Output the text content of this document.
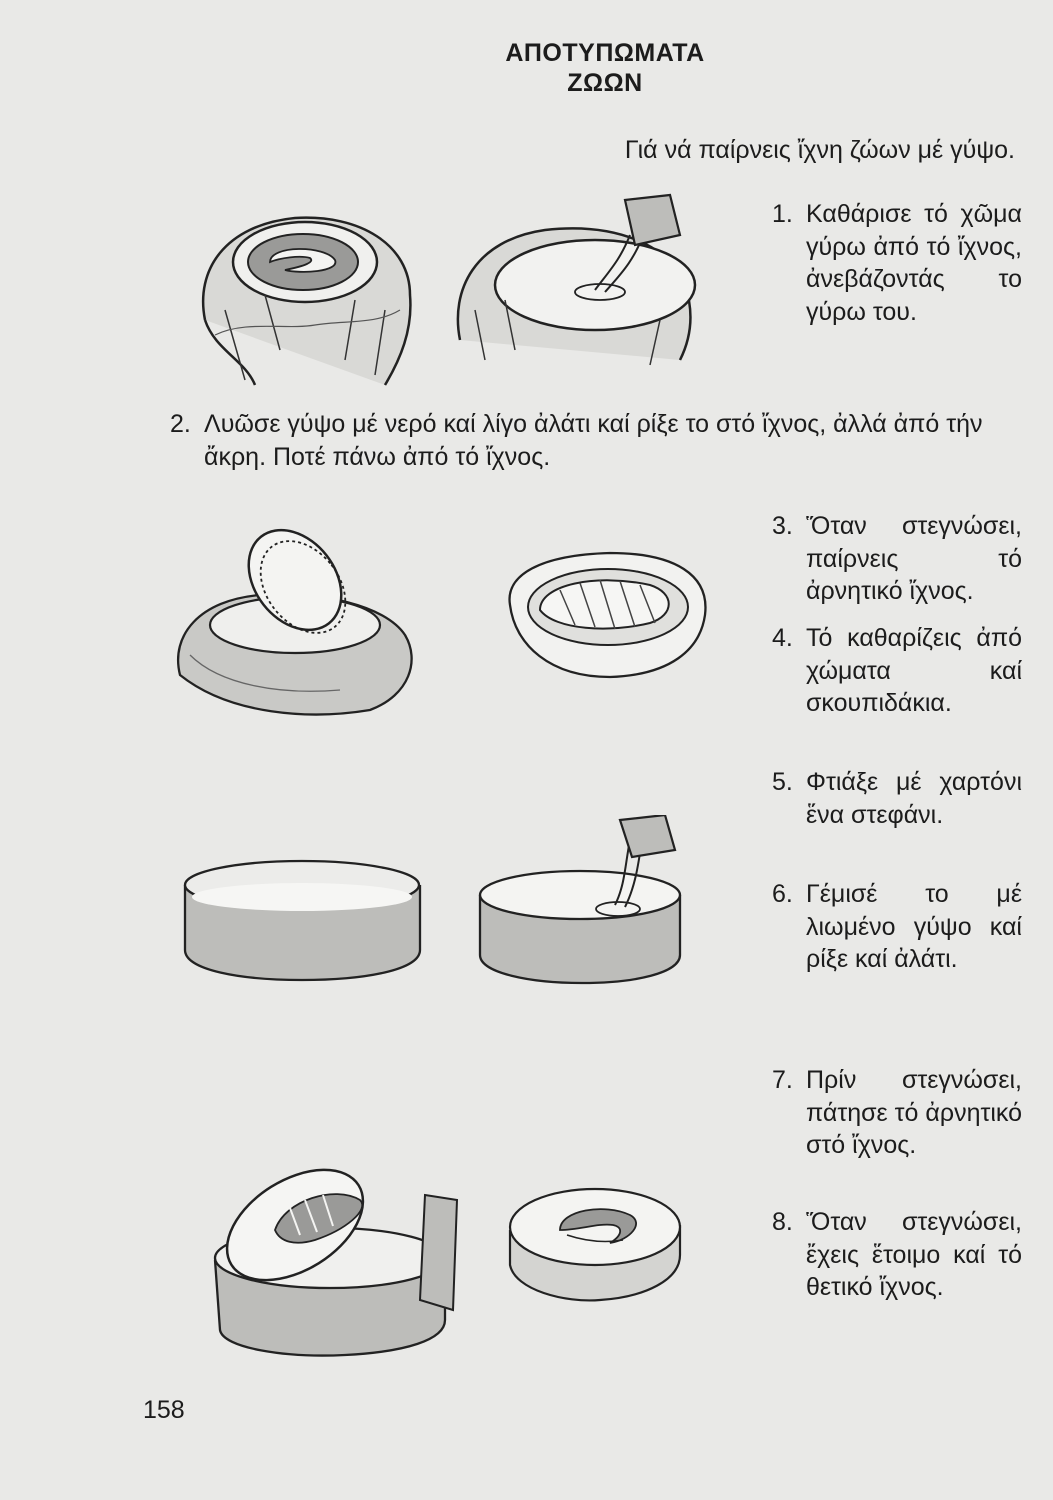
ΑΠΟΤΥΠΩΜΑΤΑ
ΖΩΩΝ
Γιά νά παίρνεις ἴχνη ζώων μέ γύψο.
1. Καθάρισε τό χῶμα γύρω ἀπό τό ἴχνος, ἀνεβάζοντάς το γύρω του.
2. Λυῶσε γύψο μέ νερό καί λίγο ἀλάτι καί ρίξε το στό ἴχνος, ἀλλά ἀπό τήν ἄκρη. Ποτέ πάνω ἀπό τό ἴχνος.
3. Ὅταν στεγνώσει, παίρνεις τό ἀρνητικό ἴχνος.
4. Τό καθαρίζεις ἀπό χώματα καί σκουπιδάκια.
5. Φτιάξε μέ χαρτόνι ἕνα στεφάνι.
6. Γέμισέ το μέ λιωμένο γύψο καί ρίξε καί ἀλάτι.
7. Πρίν στεγνώσει, πάτησε τό ἀρνητικό στό ἴχνος.
8. Ὅταν στεγνώσει, ἔχεις ἕτοιμο καί τό θετικό ἴχνος.
158
